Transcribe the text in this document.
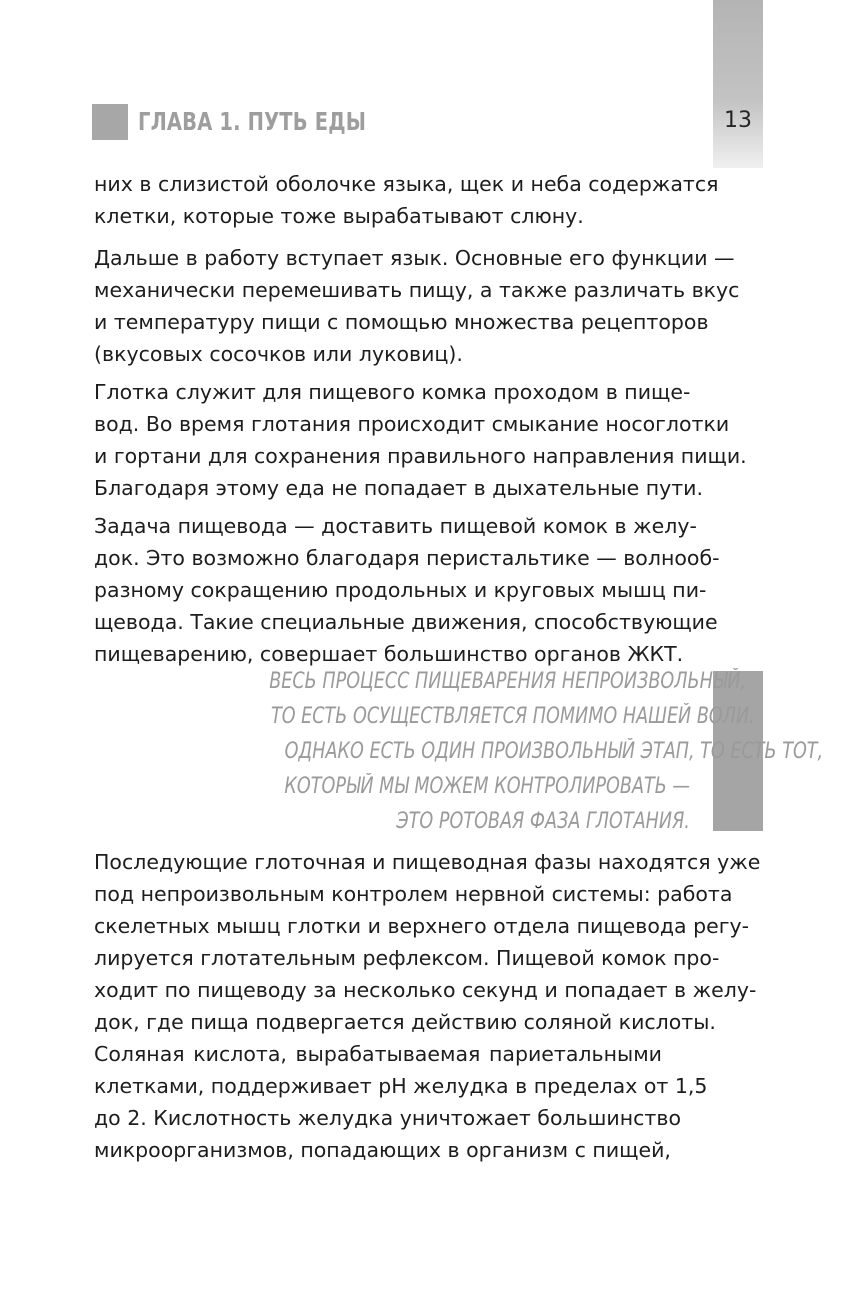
13
ГЛАВА 1. ПУТЬ ЕДЫ
них в слизистой оболочке языка, щек и неба содержатся
клетки, которые тоже вырабатывают слюну.
Дальше в работу вступает язык. Основные его функции —
механически перемешивать пищу, а также различать вкус
и температуру пищи с помощью множества рецепторов
(вкусовых сосочков или луковиц).
Глотка служит для пищевого комка проходом в пище-
вод. Во время глотания происходит смыкание носоглотки
и гортани для сохранения правильного направления пищи.
Благодаря этому еда не попадает в дыхательные пути.
Задача пищевода — доставить пищевой комок в желу-
док. Это возможно благодаря перистальтике — волнооб-
разному сокращению продольных и круговых мышц пи-
щевода. Такие специальные движения, способствующие
пищеварению, совершает большинство органов ЖКТ.
ВЕСЬ ПРОЦЕСС ПИЩЕВАРЕНИЯ НЕПРОИЗВОЛЬНЫЙ,
ТО ЕСТЬ ОСУЩЕСТВЛЯЕТСЯ ПОМИМО НАШЕЙ ВОЛИ.
ОДНАКО ЕСТЬ ОДИН ПРОИЗВОЛЬНЫЙ ЭТАП, ТО ЕСТЬ ТОТ,
КОТОРЫЙ МЫ МОЖЕМ КОНТРОЛИРОВАТЬ —
ЭТО РОТОВАЯ ФАЗА ГЛОТАНИЯ.
Последующие глоточная и пищеводная фазы находятся уже
под непроизвольным контролем нервной системы: работа
скелетных мышц глотки и верхнего отдела пищевода регу-
лируется глотательным рефлексом. Пищевой комок про-
ходит по пищеводу за несколько секунд и попадает в желу-
док, где пища подвергается действию соляной кислоты.
Соляная кислота, вырабатываемая париетальными
клетками, поддерживает pH желудка в пределах от 1,5
до 2. Кислотность желудка уничтожает большинство
микроорганизмов, попадающих в организм с пищей,
